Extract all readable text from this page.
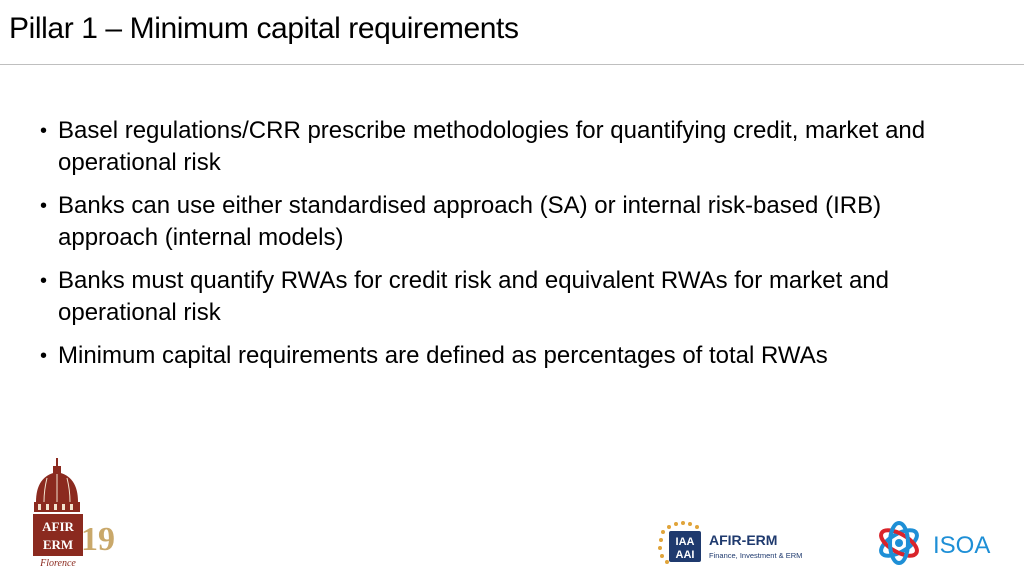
Pillar 1 – Minimum capital requirements
• Basel regulations/CRR prescribe methodologies for quantifying credit, market and operational risk
• Banks can use either standardised approach (SA) or internal risk-based (IRB) approach (internal models)
• Banks must quantify RWAs for credit risk and equivalent RWAs for market and operational risk
• Minimum capital requirements are defined as percentages of total RWAs
AFIR
ERM 19
Florence
IAA
AAI
AFIR-ERM
Finance, Investment & ERM	ISOA
